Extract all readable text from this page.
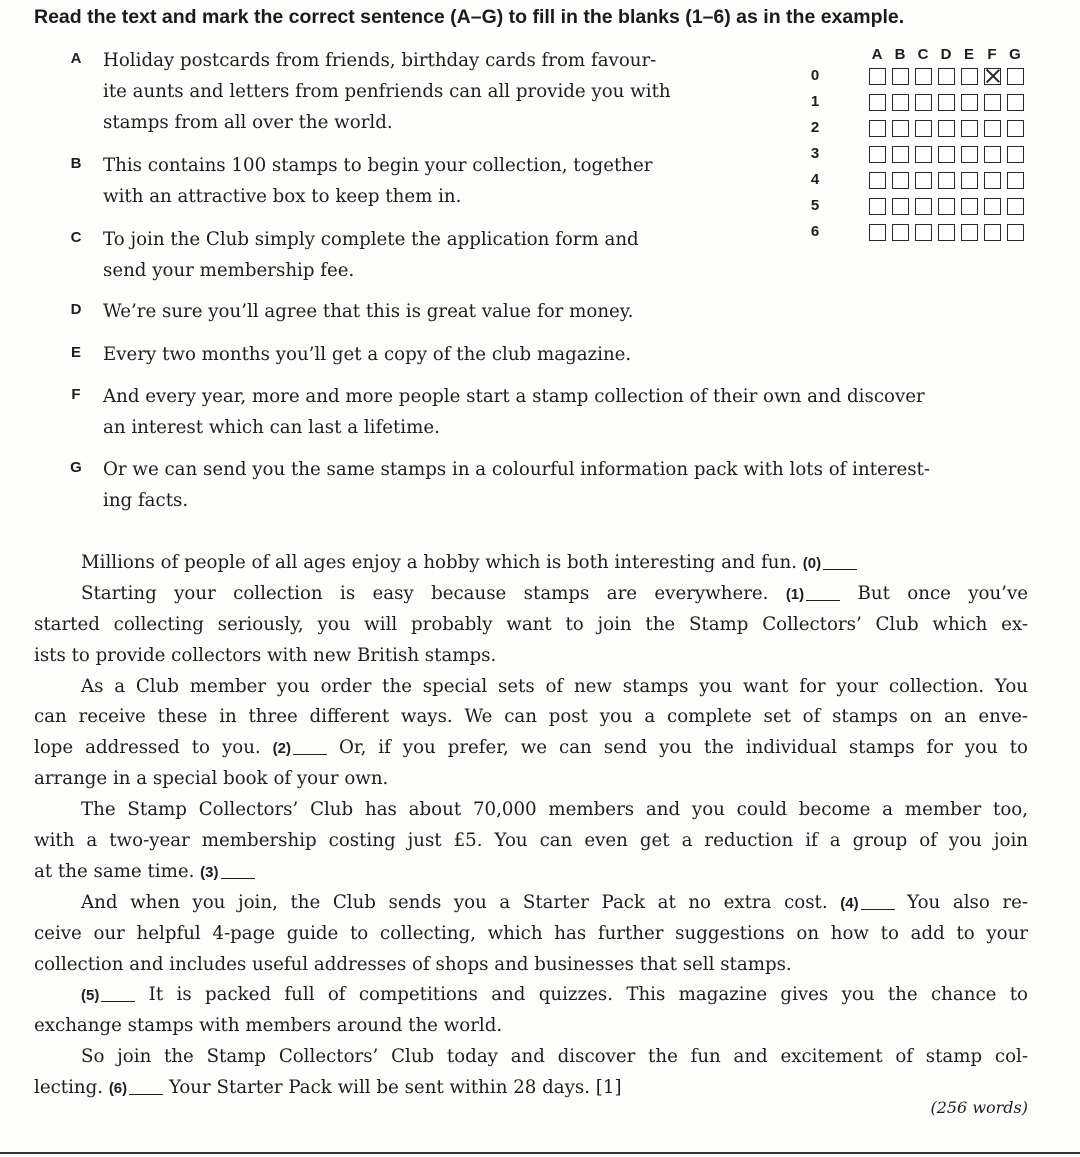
Read the text and mark the correct sentence (A–G) to fill in the blanks (1–6) as in the example.
A Holiday postcards from friends, birthday cards from favour-
ite aunts and letters from penfriends can all provide you with
stamps from all over the world.
B This contains 100 stamps to begin your collection, together
with an attractive box to keep them in.
C To join the Club simply complete the application form and
send your membership fee.
D We’re sure you’ll agree that this is great value for money.
E Every two months you’ll get a copy of the club magazine.
F And every year, more and more people start a stamp collection of their own and discover
an interest which can last a lifetime.
G Or we can send you the same stamps in a colourful information pack with lots of interest-
ing facts.
A B C D E F G
0
1
2
3
4
5
6
Millions of people of all ages enjoy a hobby which is both interesting and fun. (0)
Starting your collection is easy because stamps are everywhere. (1) But once you’ve
started collecting seriously, you will probably want to join the Stamp Collectors’ Club which ex-
ists to provide collectors with new British stamps.
As a Club member you order the special sets of new stamps you want for your collection. You
can receive these in three different ways. We can post you a complete set of stamps on an enve-
lope addressed to you. (2) Or, if you prefer, we can send you the individual stamps for you to
arrange in a special book of your own.
The Stamp Collectors’ Club has about 70,000 members and you could become a member too,
with a two-year membership costing just £5. You can even get a reduction if a group of you join
at the same time. (3)
And when you join, the Club sends you a Starter Pack at no extra cost. (4) You also re-
ceive our helpful 4-page guide to collecting, which has further suggestions on how to add to your
collection and includes useful addresses of shops and businesses that sell stamps.
(5) It is packed full of competitions and quizzes. This magazine gives you the chance to
exchange stamps with members around the world.
So join the Stamp Collectors’ Club today and discover the fun and excitement of stamp col-
lecting. (6) Your Starter Pack will be sent within 28 days. [1]
(256 words)
